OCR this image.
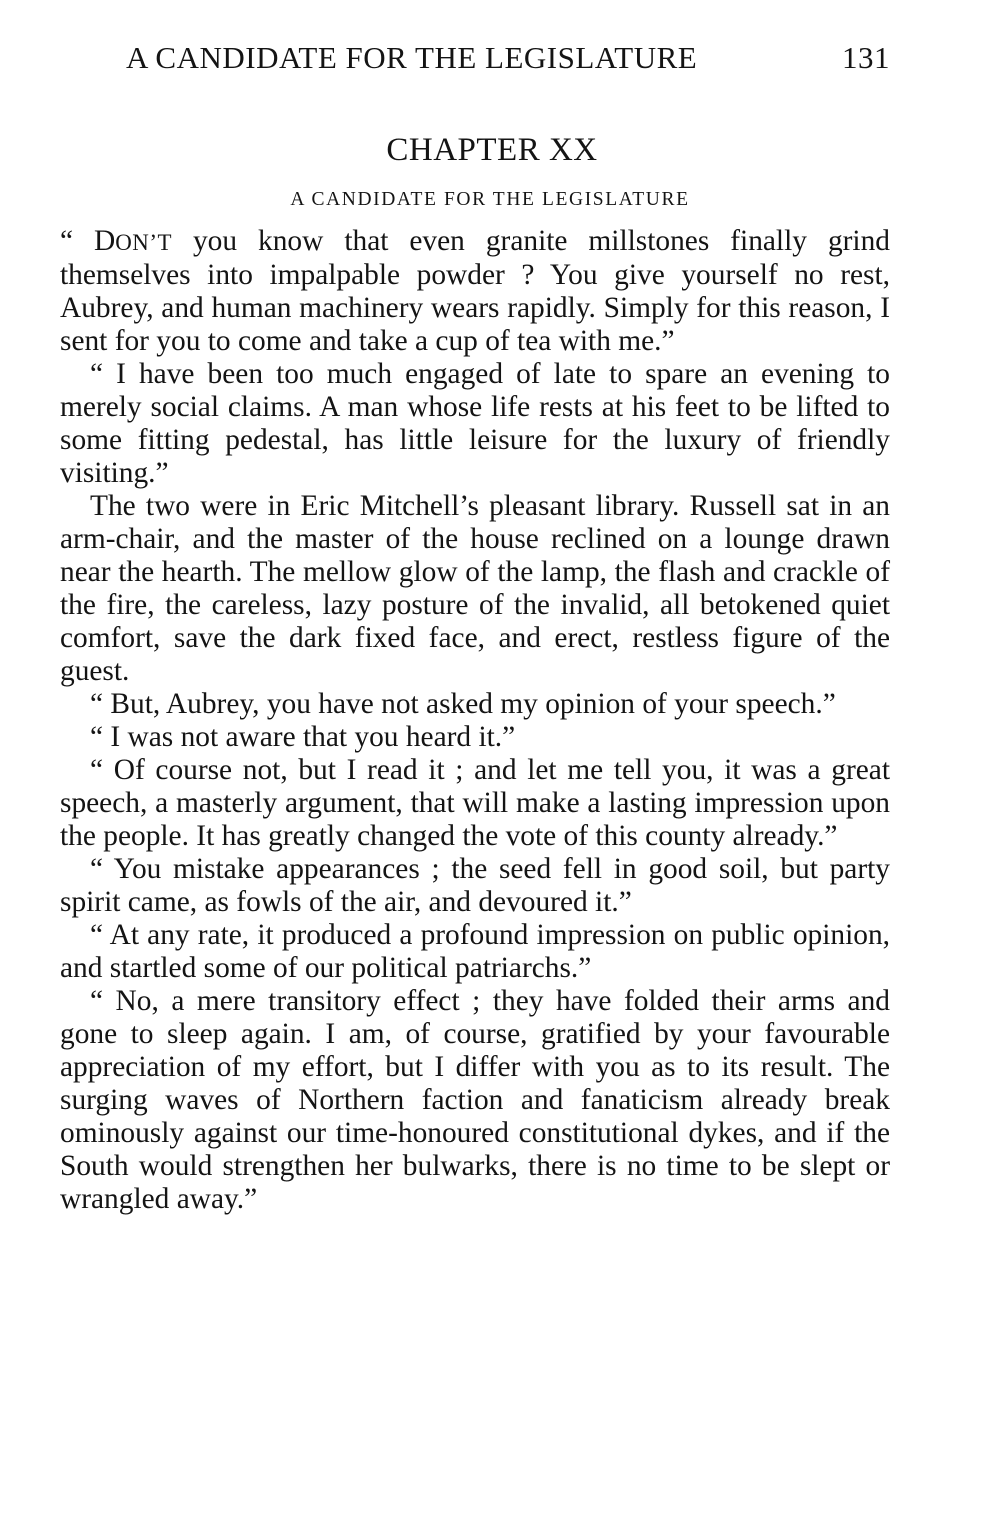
A CANDIDATE FOR THE LEGISLATURE	131
CHAPTER XX
A CANDIDATE FOR THE LEGISLATURE

“ DON’T you know that even granite millstones finally grind themselves into impalpable powder ? You give yourself no rest, Aubrey, and human machinery wears rapidly. Simply for this reason, I sent for you to come and take a cup of tea with me.”

“ I have been too much engaged of late to spare an evening to merely social claims. A man whose life rests at his feet to be lifted to some fitting pedestal, has little leisure for the luxury of friendly visiting.”

The two were in Eric Mitchell’s pleasant library. Russell sat in an arm-chair, and the master of the house reclined on a lounge drawn near the hearth. The mellow glow of the lamp, the flash and crackle of the fire, the careless, lazy posture of the invalid, all betokened quiet comfort, save the dark fixed face, and erect, restless figure of the guest.

“ But, Aubrey, you have not asked my opinion of your speech.”

“ I was not aware that you heard it.”

“ Of course not, but I read it ; and let me tell you, it was a great speech, a masterly argument, that will make a lasting impression upon the people. It has greatly changed the vote of this county already.”

“ You mistake appearances ; the seed fell in good soil, but party spirit came, as fowls of the air, and devoured it.”

“ At any rate, it produced a profound impression on public opinion, and startled some of our political patriarchs.”

“ No, a mere transitory effect ; they have folded their arms and gone to sleep again. I am, of course, gratified by your favourable appreciation of my effort, but I differ with you as to its result. The surging waves of Northern faction and fanaticism already break ominously against our time-honoured constitutional dykes, and if the South would strengthen her bulwarks, there is no time to be slept or wrangled away.”
